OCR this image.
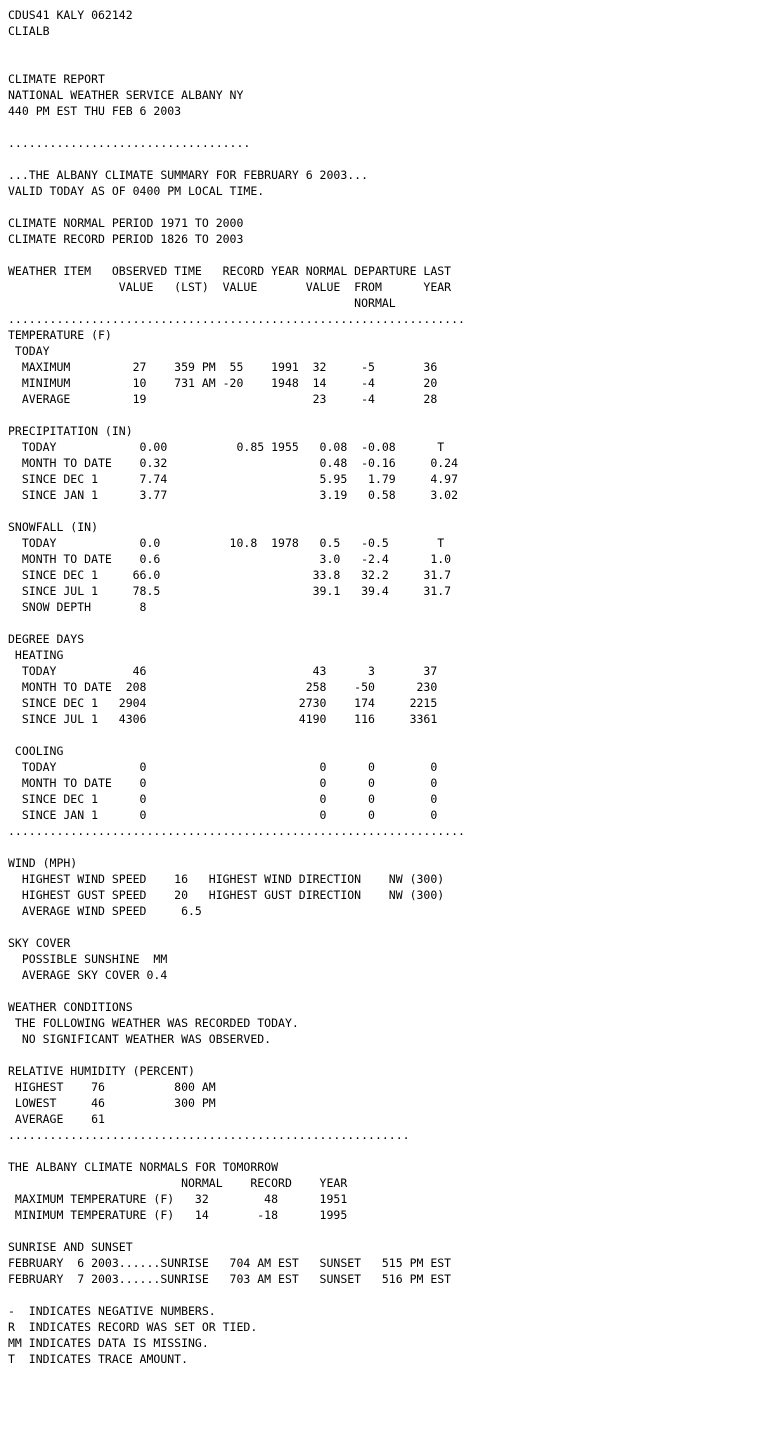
CDUS41 KALY 062142
CLIALB
CLIMATE REPORT
NATIONAL WEATHER SERVICE ALBANY NY
440 PM EST THU FEB 6 2003
...................................
...THE ALBANY CLIMATE SUMMARY FOR FEBRUARY 6 2003...
VALID TODAY AS OF 0400 PM LOCAL TIME.
CLIMATE NORMAL PERIOD 1971 TO 2000
CLIMATE RECORD PERIOD 1826 TO 2003
WEATHER ITEM   OBSERVED TIME   RECORD YEAR NORMAL DEPARTURE LAST
VALUE   (LST)  VALUE       VALUE  FROM      YEAR
NORMAL
..................................................................
TEMPERATURE (F)
TODAY
MAXIMUM         27    359 PM  55    1991  32     -5       36
MINIMUM         10    731 AM -20    1948  14     -4       20
AVERAGE         19                        23     -4       28
PRECIPITATION (IN)
TODAY            0.00          0.85 1955   0.08  -0.08      T
MONTH TO DATE    0.32                      0.48  -0.16     0.24
SINCE DEC 1      7.74                      5.95   1.79     4.97
SINCE JAN 1      3.77                      3.19   0.58     3.02
SNOWFALL (IN)
TODAY            0.0          10.8  1978   0.5   -0.5       T
MONTH TO DATE    0.6                       3.0   -2.4      1.0
SINCE DEC 1     66.0                      33.8   32.2     31.7
SINCE JUL 1     78.5                      39.1   39.4     31.7
SNOW DEPTH       8
DEGREE DAYS
HEATING
TODAY           46                        43      3       37
MONTH TO DATE  208                       258    -50      230
SINCE DEC 1   2904                      2730    174     2215
SINCE JUL 1   4306                      4190    116     3361
COOLING
TODAY            0                         0      0        0
MONTH TO DATE    0                         0      0        0
SINCE DEC 1      0                         0      0        0
SINCE JAN 1      0                         0      0        0
..................................................................
WIND (MPH)
HIGHEST WIND SPEED    16   HIGHEST WIND DIRECTION    NW (300)
HIGHEST GUST SPEED    20   HIGHEST GUST DIRECTION    NW (300)
AVERAGE WIND SPEED     6.5
SKY COVER
POSSIBLE SUNSHINE  MM
AVERAGE SKY COVER 0.4
WEATHER CONDITIONS
THE FOLLOWING WEATHER WAS RECORDED TODAY.
NO SIGNIFICANT WEATHER WAS OBSERVED.
RELATIVE HUMIDITY (PERCENT)
HIGHEST    76          800 AM
LOWEST     46          300 PM
AVERAGE    61
..........................................................
THE ALBANY CLIMATE NORMALS FOR TOMORROW
NORMAL    RECORD    YEAR
MAXIMUM TEMPERATURE (F)   32        48      1951
MINIMUM TEMPERATURE (F)   14       -18      1995
SUNRISE AND SUNSET
FEBRUARY  6 2003......SUNRISE   704 AM EST   SUNSET   515 PM EST
FEBRUARY  7 2003......SUNRISE   703 AM EST   SUNSET   516 PM EST
-  INDICATES NEGATIVE NUMBERS.
R  INDICATES RECORD WAS SET OR TIED.
MM INDICATES DATA IS MISSING.
T  INDICATES TRACE AMOUNT.
